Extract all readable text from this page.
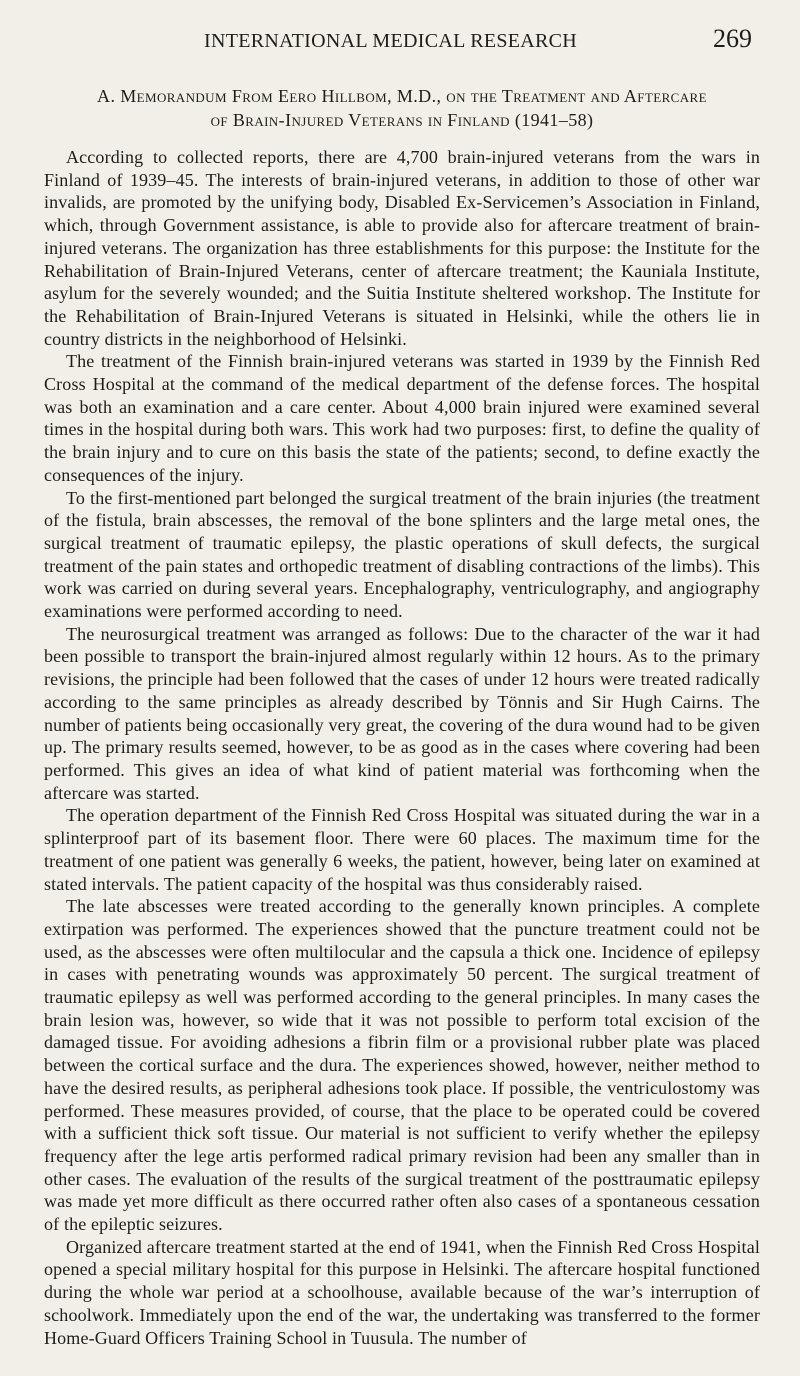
INTERNATIONAL MEDICAL RESEARCH	269
A. Memorandum From Eero Hillbom, M.D., on the Treatment and Aftercare
of Brain-Injured Veterans in Finland (1941–58)

According to collected reports, there are 4,700 brain-injured veterans from the wars in Finland of 1939–45. The interests of brain-injured veterans, in addition to those of other war invalids, are promoted by the unifying body, Disabled Ex-Servicemen’s Association in Finland, which, through Government assistance, is able to provide also for aftercare treatment of brain-injured veterans. The organization has three establishments for this purpose: the Institute for the Rehabilitation of Brain-Injured Veterans, center of aftercare treatment; the Kauniala Institute, asylum for the severely wounded; and the Suitia Institute sheltered workshop. The Institute for the Rehabilitation of Brain-Injured Veterans is situated in Helsinki, while the others lie in country districts in the neighborhood of Helsinki.

The treatment of the Finnish brain-injured veterans was started in 1939 by the Finnish Red Cross Hospital at the command of the medical department of the defense forces. The hospital was both an examination and a care center. About 4,000 brain injured were examined several times in the hospital during both wars. This work had two purposes: first, to define the quality of the brain injury and to cure on this basis the state of the patients; second, to define exactly the consequences of the injury.

To the first-mentioned part belonged the surgical treatment of the brain injuries (the treatment of the fistula, brain abscesses, the removal of the bone splinters and the large metal ones, the surgical treatment of traumatic epilepsy, the plastic operations of skull defects, the surgical treatment of the pain states and orthopedic treatment of disabling contractions of the limbs). This work was carried on during several years. Encephalography, ventriculography, and angiography examinations were performed according to need.

The neurosurgical treatment was arranged as follows: Due to the character of the war it had been possible to transport the brain-injured almost regularly within 12 hours. As to the primary revisions, the principle had been followed that the cases of under 12 hours were treated radically according to the same principles as already described by Tönnis and Sir Hugh Cairns. The number of patients being occasionally very great, the covering of the dura wound had to be given up. The primary results seemed, however, to be as good as in the cases where covering had been performed. This gives an idea of what kind of patient material was forthcoming when the aftercare was started.

The operation department of the Finnish Red Cross Hospital was situated during the war in a splinterproof part of its basement floor. There were 60 places. The maximum time for the treatment of one patient was generally 6 weeks, the patient, however, being later on examined at stated intervals. The patient capacity of the hospital was thus considerably raised.

The late abscesses were treated according to the generally known principles. A complete extirpation was performed. The experiences showed that the puncture treatment could not be used, as the abscesses were often multilocular and the capsula a thick one. Incidence of epilepsy in cases with penetrating wounds was approximately 50 percent. The surgical treatment of traumatic epilepsy as well was performed according to the general principles. In many cases the brain lesion was, however, so wide that it was not possible to perform total excision of the damaged tissue. For avoiding adhesions a fibrin film or a provisional rubber plate was placed between the cortical surface and the dura. The experiences showed, however, neither method to have the desired results, as peripheral adhesions took place. If possible, the ventriculostomy was performed. These measures provided, of course, that the place to be operated could be covered with a sufficient thick soft tissue. Our material is not sufficient to verify whether the epilepsy frequency after the lege artis performed radical primary revision had been any smaller than in other cases. The evaluation of the results of the surgical treatment of the posttraumatic epilepsy was made yet more difficult as there occurred rather often also cases of a spontaneous cessation of the epileptic seizures.

Organized aftercare treatment started at the end of 1941, when the Finnish Red Cross Hospital opened a special military hospital for this purpose in Helsinki. The aftercare hospital functioned during the whole war period at a schoolhouse, available because of the war’s interruption of schoolwork. Immediately upon the end of the war, the undertaking was transferred to the former Home-Guard Officers Training School in Tuusula. The number of
